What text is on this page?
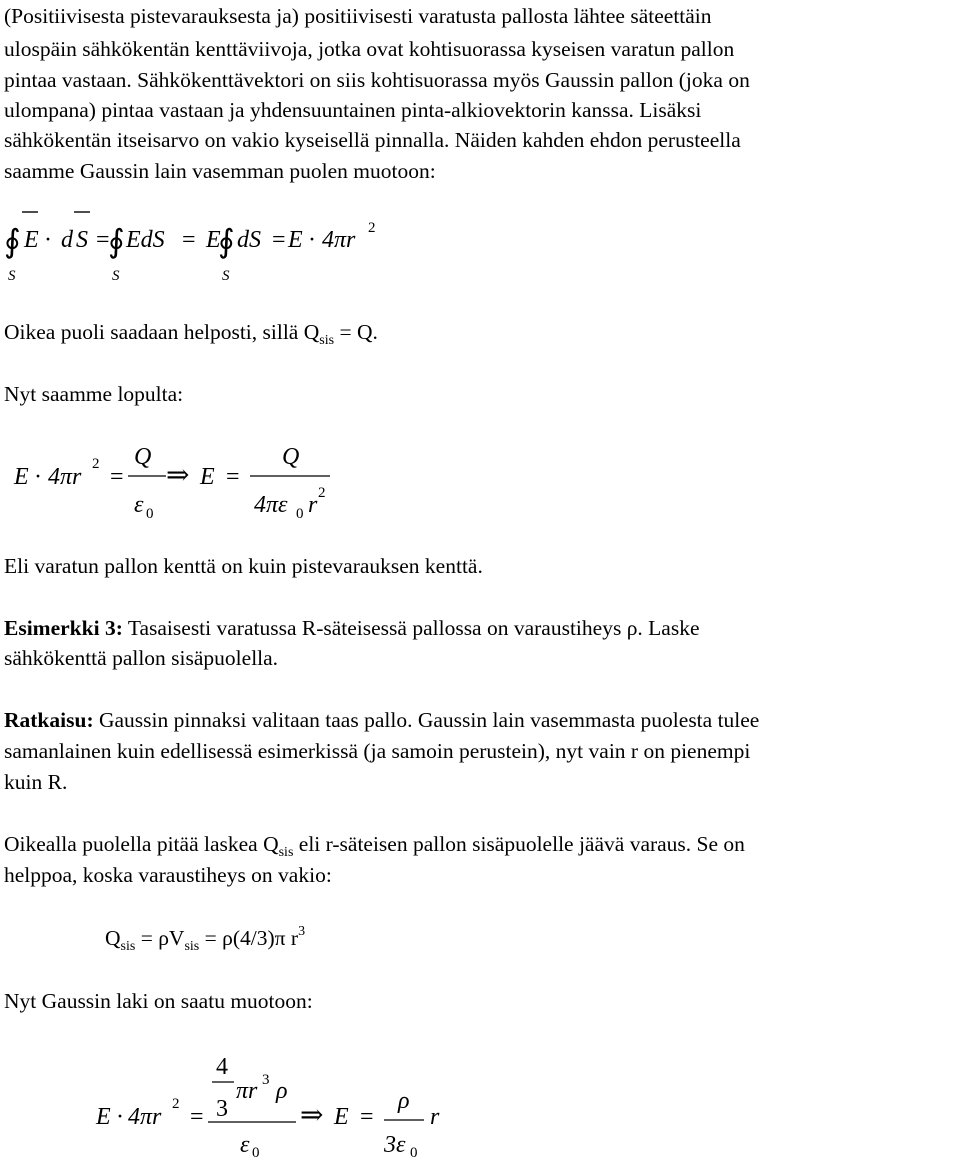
(Positiivisesta pistevarauksesta ja) positiivisesti varatusta pallosta lähtee säteettäin
ulospäin sähkökentän kenttäviivoja, jotka ovat kohtisuorassa kyseisen varatun pallon
pintaa vastaan. Sähkökenttävektori on siis kohtisuorassa myös Gaussin pallon (joka on
ulompana) pintaa vastaan ja yhdensuuntainen pinta-alkiovektorin kanssa. Lisäksi
sähkökentän itseisarvo on vakio kyseisellä pinnalla. Näiden kahden ehdon perusteella
saamme Gaussin lain vasemman puolen muotoon:
∮ E · d S =
∮ EdS = E
∮ dS = E · 4πr 2
S	S	S
Oikea puoli saadaan helposti, sillä $Q_{sis} = Q$.
Nyt saamme lopulta:
E · 4πr 2 =
Q
ε 0
⇒ E =
Q
4πε 0 r 2
Eli varatun pallon kenttä on kuin pistevarauksen kenttä.
Esimerkki 3: Tasaisesti varatussa R-säteisessä pallossa on varaustiheys ρ. Laske
sähkökenttä pallon sisäpuolella.
Ratkaisu: Gaussin pinnaksi valitaan taas pallo. Gaussin lain vasemmasta puolesta tulee
samanlainen kuin edellisessä esimerkissä (ja samoin perustein), nyt vain r on pienempi
kuin R.
Oikealla puolella pitää laskea $Q_{sis}$ eli r-säteisen pallon sisäpuolelle jäävä varaus. Se on
helppoa, koska varaustiheys on vakio:
$Q_{sis} = \rho V_{sis} = \rho(4/3)\pi$ $r^3$
Nyt Gaussin laki on saatu muotoon:
E · 4πr 2 =
4
3
πr 3 ρ
ε 0
⇒ E =
ρ
3ε 0
r
